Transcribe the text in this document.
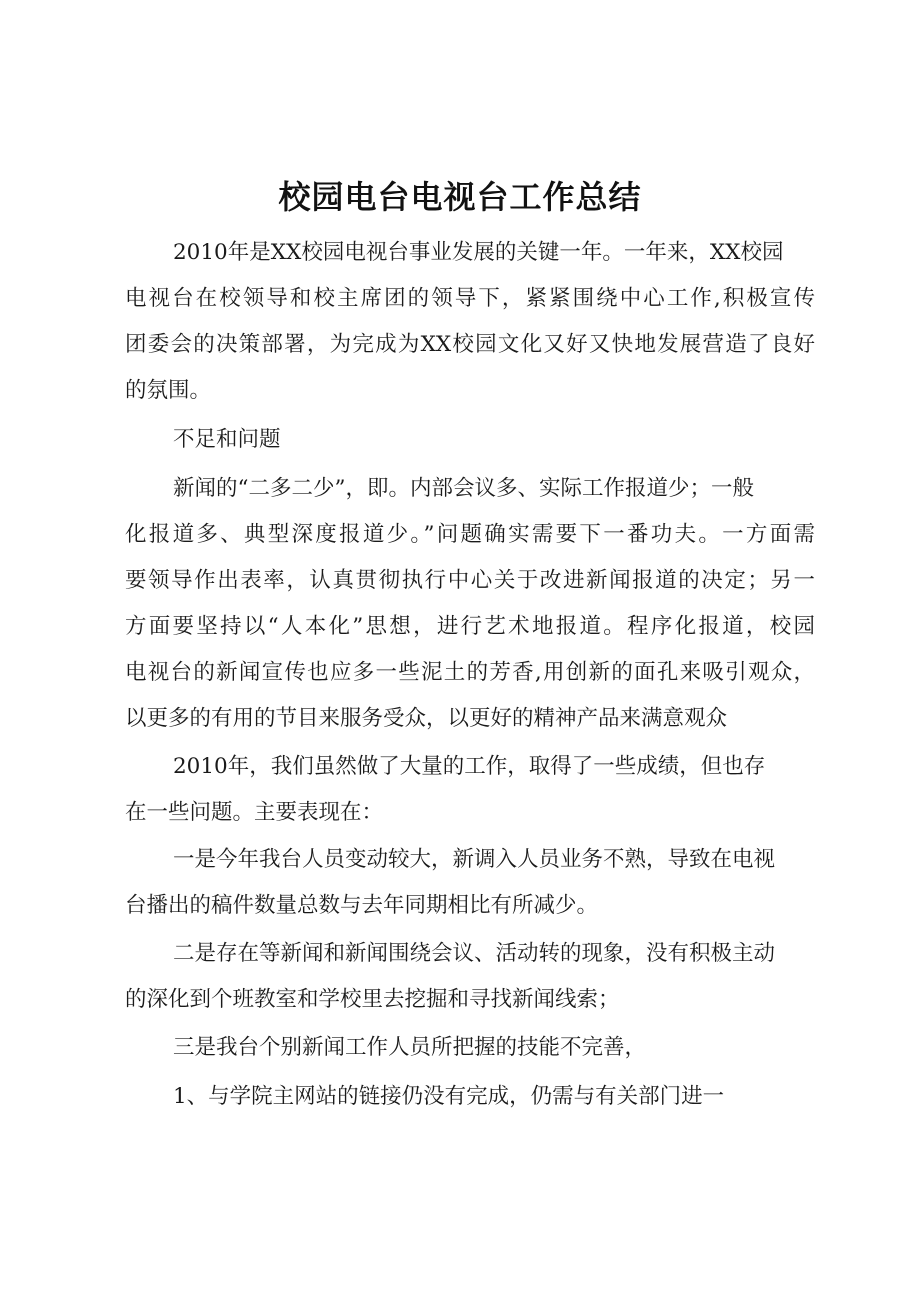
校园电台电视台工作总结

2010年是XX校园电视台事业发展的关键一年。一年来，XX校园

电视台在校领导和校主席团的领导下，紧紧围绕中心工作,积极宣传

团委会的决策部署，为完成为XX校园文化又好又快地发展营造了良好

的氛围。

不足和问题

新闻的“二多二少”，即。内部会议多、实际工作报道少；一般

化报道多、典型深度报道少。”问题确实需要下一番功夫。一方面需

要领导作出表率，认真贯彻执行中心关于改进新闻报道的决定；另一

方面要坚持以“人本化”思想，进行艺术地报道。程序化报道，校园

电视台的新闻宣传也应多一些泥土的芳香,用创新的面孔来吸引观众，

以更多的有用的节目来服务受众，以更好的精神产品来满意观众

2010年，我们虽然做了大量的工作，取得了一些成绩，但也存

在一些问题。主要表现在：

一是今年我台人员变动较大，新调入人员业务不熟，导致在电视

台播出的稿件数量总数与去年同期相比有所减少。

二是存在等新闻和新闻围绕会议、活动转的现象，没有积极主动

的深化到个班教室和学校里去挖掘和寻找新闻线索；

三是我台个别新闻工作人员所把握的技能不完善，

1、与学院主网站的链接仍没有完成，仍需与有关部门进一
